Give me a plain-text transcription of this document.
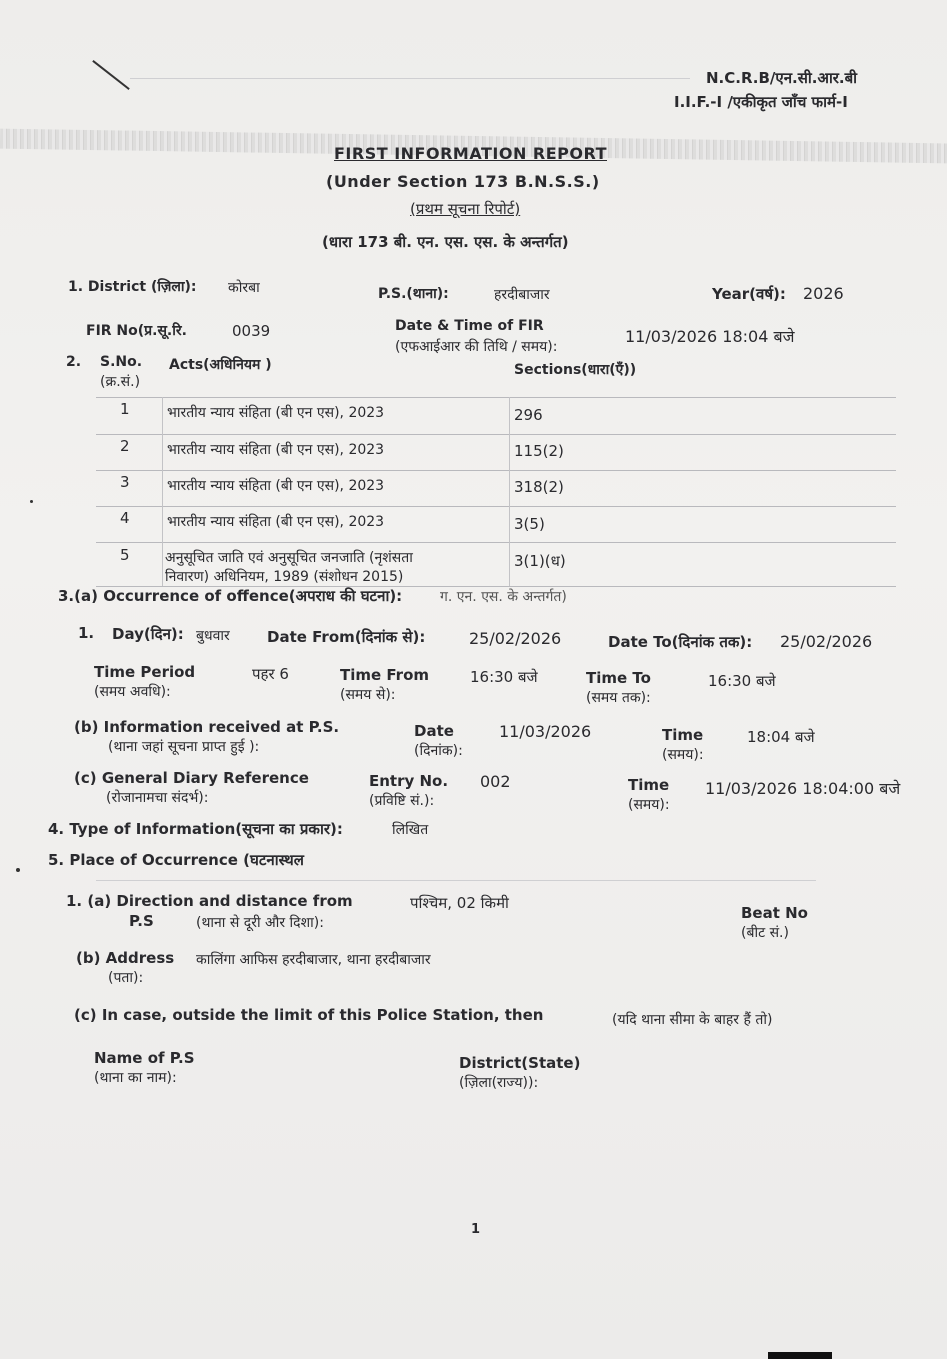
N.C.R.B/एन.सी.आर.बी
I.I.F.-I /एकीकृत जाँच फार्म-I
FIRST INFORMATION REPORT
(Under Section 173 B.N.S.S.)
(प्रथम सूचना रिपोर्ट)
(धारा 173 बी. एन. एस. एस. के अन्तर्गत)
1. District (ज़िला): कोरबा	P.S.(थाना):	हरदीबाजार	Year(वर्ष): 2026
FIR No(प्र.सू.रि.	0039	Date & Time of FIR
(एफआईआर की तिथि / समय):
11/03/2026 18:04 बजे
2. S.No.
(क्र.सं.)
Acts(अधिनियम )	Sections(धारा(एँ))
1	भारतीय न्याय संहिता (बी एन एस), 2023	296
2	भारतीय न्याय संहिता (बी एन एस), 2023	115(2)
3	भारतीय न्याय संहिता (बी एन एस), 2023	318(2)
4	भारतीय न्याय संहिता (बी एन एस), 2023	3(5)
5	अनुसूचित जाति एवं अनुसूचित जनजाति (नृशंसता
निवारण) अधिनियम, 1989 (संशोधन 2015)
3(1)(ध)
3.(a) Occurrence of offence(अपराध की घटना):	ग. एन. एस. के अन्तर्गत)
1. Day(दिन): बुधवार Date From(दिनांक से):	25/02/2026	Date To(दिनांक तक): 25/02/2026
Time Period
(समय अवधि):
पहर 6	Time From
(समय से):
16:30 बजे	Time To
(समय तक):
16:30 बजे
(b) Information received at P.S.
(थाना जहां सूचना प्राप्त हुई ):
Date
(दिनांक):
11/03/2026	Time
(समय):
18:04 बजे
(c) General Diary Reference
(रोजानामचा संदर्भ):
Entry No.
(प्रविष्टि सं.):
002	Time
(समय):
11/03/2026 18:04:00 बजे
4. Type of Information(सूचना का प्रकार):	लिखित
5. Place of Occurrence (घटनास्थल
1. (a) Direction and distance from
P.S	(थाना से दूरी और दिशा):
पश्चिम, 02 किमी
Beat No
(बीट सं.)
(b) Address कालिंगा आफिस हरदीबाजार, थाना हरदीबाजार
(पता):
(c) In case, outside the limit of this Police Station, then	(यदि थाना सीमा के बाहर हैं तो)
Name of P.S
(थाना का नाम):
District(State)
(ज़िला(राज्य)):
1
